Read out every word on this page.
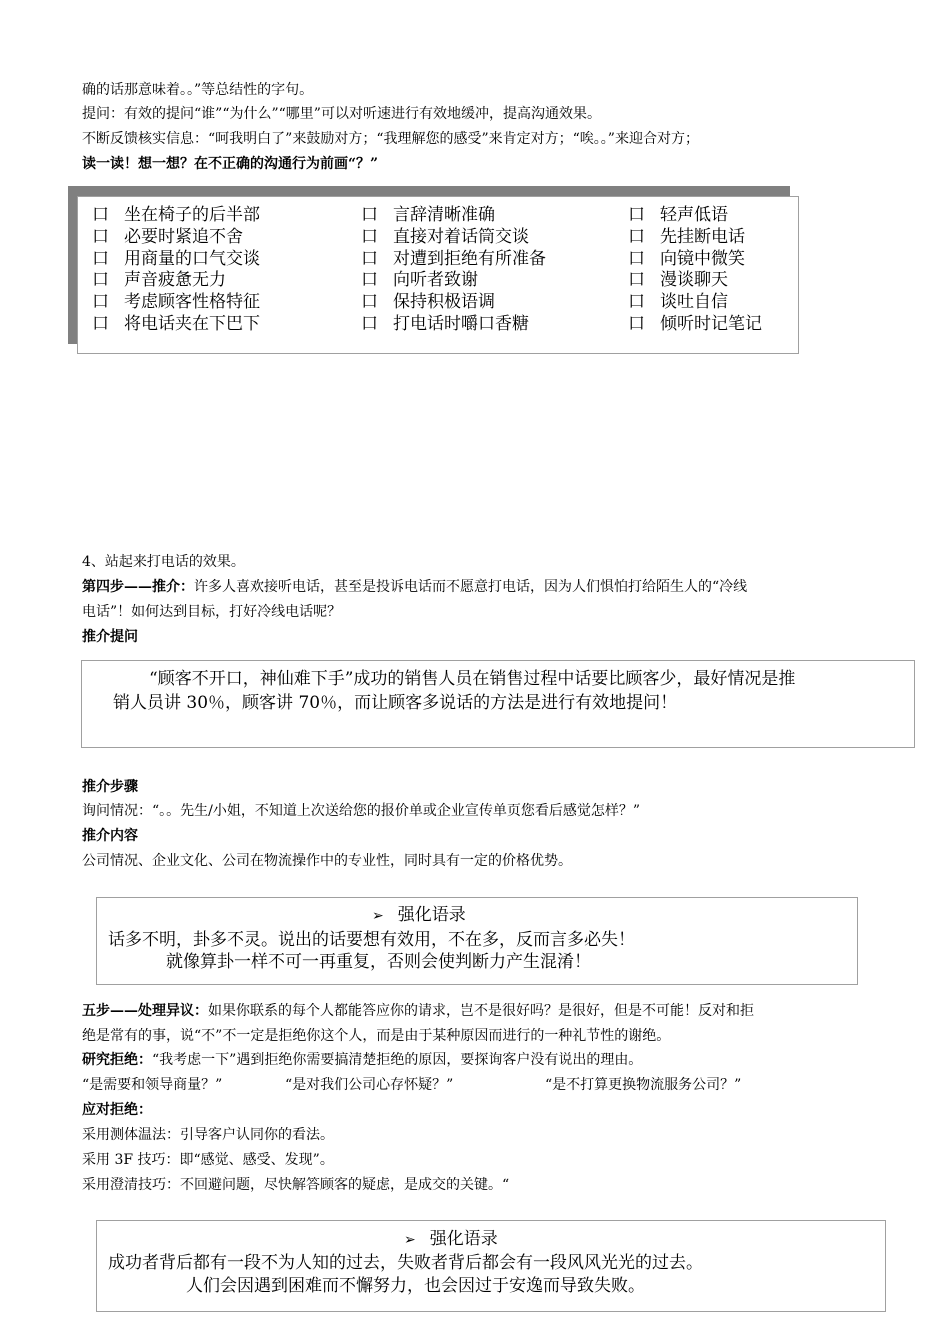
确的话那意味着。。”等总结性的字句。
提问：有效的提问“谁”“为什么”“哪里”可以对听速进行有效地缓冲，提高沟通效果。
不断反馈核实信息：“呵我明白了”来鼓励对方；“我理解您的感受”来肯定对方；“唉。。”来迎合对方；
读一读！想一想？在不正确的沟通行为前画“？”
口 坐在椅子的后半部
口 必要时紧追不舍
口 用商量的口气交谈
口 声音疲惫无力
口 考虑顾客性格特征
口 将电话夹在下巴下
口 言辞清晰准确
口 直接对着话筒交谈
口 对遭到拒绝有所准备
口 向听者致谢
口 保持积极语调
口 打电话时嚼口香糖
口 轻声低语
口 先挂断电话
口 向镜中微笑
口 漫谈聊天
口 谈吐自信
口 倾听时记笔记
4、站起来打电话的效果。
第四步——推介：许多人喜欢接听电话，甚至是投诉电话而不愿意打电话，因为人们惧怕打给陌生人的“冷线
电话”！如何达到目标，打好冷线电话呢？
推介提问
“顾客不开口，神仙难下手”成功的销售人员在销售过程中话要比顾客少，最好情况是推
销人员讲 30％，顾客讲 70％，而让顾客多说话的方法是进行有效地提问！
推介步骤
询问情况：“。。先生/小姐，不知道上次送给您的报价单或企业宣传单页您看后感觉怎样？”
推介内容
公司情况、企业文化、公司在物流操作中的专业性，同时具有一定的价格优势。
➢ 强化语录
话多不明，卦多不灵。说出的话要想有效用，不在多，反而言多必失！
就像算卦一样不可一再重复，否则会使判断力产生混淆！
五步——处理异议：如果你联系的每个人都能答应你的请求，岂不是很好吗？是很好，但是不可能！反对和拒
绝是常有的事，说“不”不一定是拒绝你这个人，而是由于某种原因而进行的一种礼节性的谢绝。
研究拒绝：“我考虑一下”遇到拒绝你需要搞清楚拒绝的原因，要探询客户没有说出的理由。
“是需要和领导商量？”	“是对我们公司心存怀疑？”	“是不打算更换物流服务公司？”
应对拒绝：
采用测体温法：引导客户认同你的看法。
采用 3F 技巧：即“感觉、感受、发现”。
采用澄清技巧：不回避问题，尽快解答顾客的疑虑，是成交的关键。“
➢ 强化语录
成功者背后都有一段不为人知的过去，失败者背后都会有一段风风光光的过去。
人们会因遇到困难而不懈努力，也会因过于安逸而导致失败。
